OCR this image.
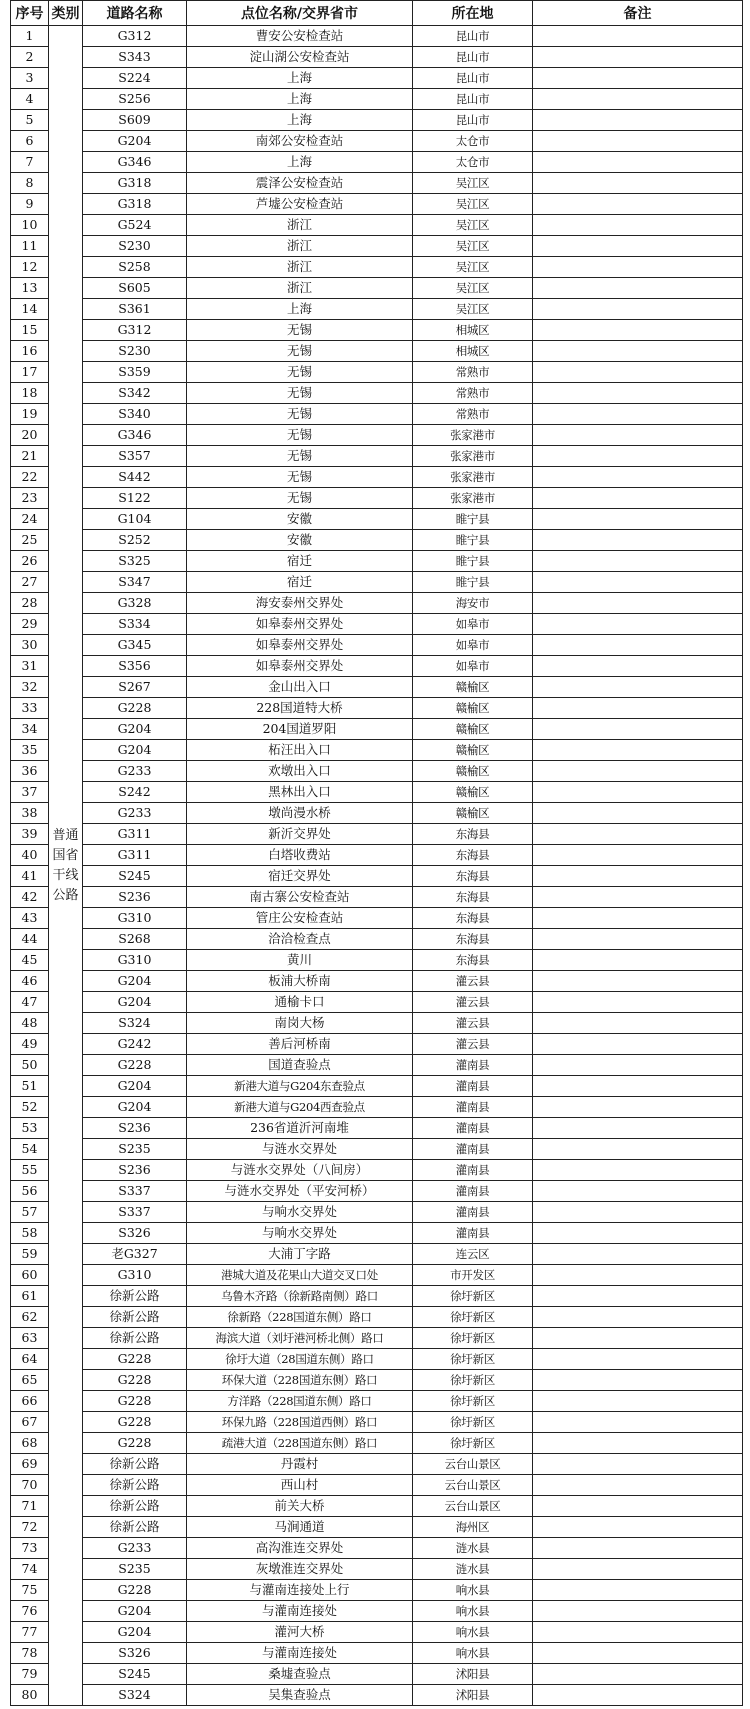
序号	类别	道路名称	点位名称/交界省市	所在地	备注
1	普通国省干线公路	G312	曹安公安检查站	昆山市	
2		S343	淀山湖公安检查站	昆山市	
3		S224	上海	昆山市	
4		S256	上海	昆山市	
5		S609	上海	昆山市	
6		G204	南郊公安检查站	太仓市	
7		G346	上海	太仓市	
8		G318	震泽公安检查站	吴江区	
9		G318	芦墟公安检查站	吴江区	
10		G524	浙江	吴江区	
11		S230	浙江	吴江区	
12		S258	浙江	吴江区	
13		S605	浙江	吴江区	
14		S361	上海	吴江区	
15		G312	无锡	相城区	
16		S230	无锡	相城区	
17		S359	无锡	常熟市	
18		S342	无锡	常熟市	
19		S340	无锡	常熟市	
20		G346	无锡	张家港市	
21		S357	无锡	张家港市	
22		S442	无锡	张家港市	
23		S122	无锡	张家港市	
24		G104	安徽	睢宁县	
25		S252	安徽	睢宁县	
26		S325	宿迁	睢宁县	
27		S347	宿迁	睢宁县	
28		G328	海安泰州交界处	海安市	
29		S334	如皋泰州交界处	如皋市	
30		G345	如皋泰州交界处	如皋市	
31		S356	如皋泰州交界处	如皋市	
32		S267	金山出入口	赣榆区	
33		G228	228国道特大桥	赣榆区	
34		G204	204国道罗阳	赣榆区	
35		G204	柘汪出入口	赣榆区	
36		G233	欢墩出入口	赣榆区	
37		S242	黑林出入口	赣榆区	
38		G233	墩尚漫水桥	赣榆区	
39		G311	新沂交界处	东海县	
40		G311	白塔收费站	东海县	
41		S245	宿迁交界处	东海县	
42		S236	南古寨公安检查站	东海县	
43		G310	管庄公安检查站	东海县	
44		S268	洽洽检查点	东海县	
45		G310	黄川	东海县	
46		G204	板浦大桥南	灌云县	
47		G204	通榆卡口	灌云县	
48		S324	南岗大杨	灌云县	
49		G242	善后河桥南	灌云县	
50		G228	国道查验点	灌南县	
51		G204	新港大道与G204东查验点	灌南县	
52		G204	新港大道与G204西查验点	灌南县	
53		S236	236省道沂河南堆	灌南县	
54		S235	与涟水交界处	灌南县	
55		S236	与涟水交界处（八间房）	灌南县	
56		S337	与涟水交界处（平安河桥）	灌南县	
57		S337	与响水交界处	灌南县	
58		S326	与响水交界处	灌南县	
59		老G327	大浦丁字路	连云区	
60		G310	港城大道及花果山大道交叉口处	市开发区	
61		徐新公路	乌鲁木齐路（徐新路南侧）路口	徐圩新区	
62		徐新公路	徐新路（228国道东侧）路口	徐圩新区	
63		徐新公路	海滨大道（刘圩港河桥北侧）路口	徐圩新区	
64		G228	徐圩大道（28国道东侧）路口	徐圩新区	
65		G228	环保大道（228国道东侧）路口	徐圩新区	
66		G228	方洋路（228国道东侧）路口	徐圩新区	
67		G228	环保九路（228国道西侧）路口	徐圩新区	
68		G228	疏港大道（228国道东侧）路口	徐圩新区	
69		徐新公路	丹霞村	云台山景区	
70		徐新公路	西山村	云台山景区	
71		徐新公路	前关大桥	云台山景区	
72		徐新公路	马涧通道	海州区	
73		G233	高沟淮连交界处	涟水县	
74		S235	灰墩淮连交界处	涟水县	
75		G228	与灌南连接处上行	响水县	
76		G204	与灌南连接处	响水县	
77		G204	灌河大桥	响水县	
78		S326	与灌南连接处	响水县	
79		S245	桑墟查验点	沭阳县	
80		S324	吴集查验点	沭阳县	
